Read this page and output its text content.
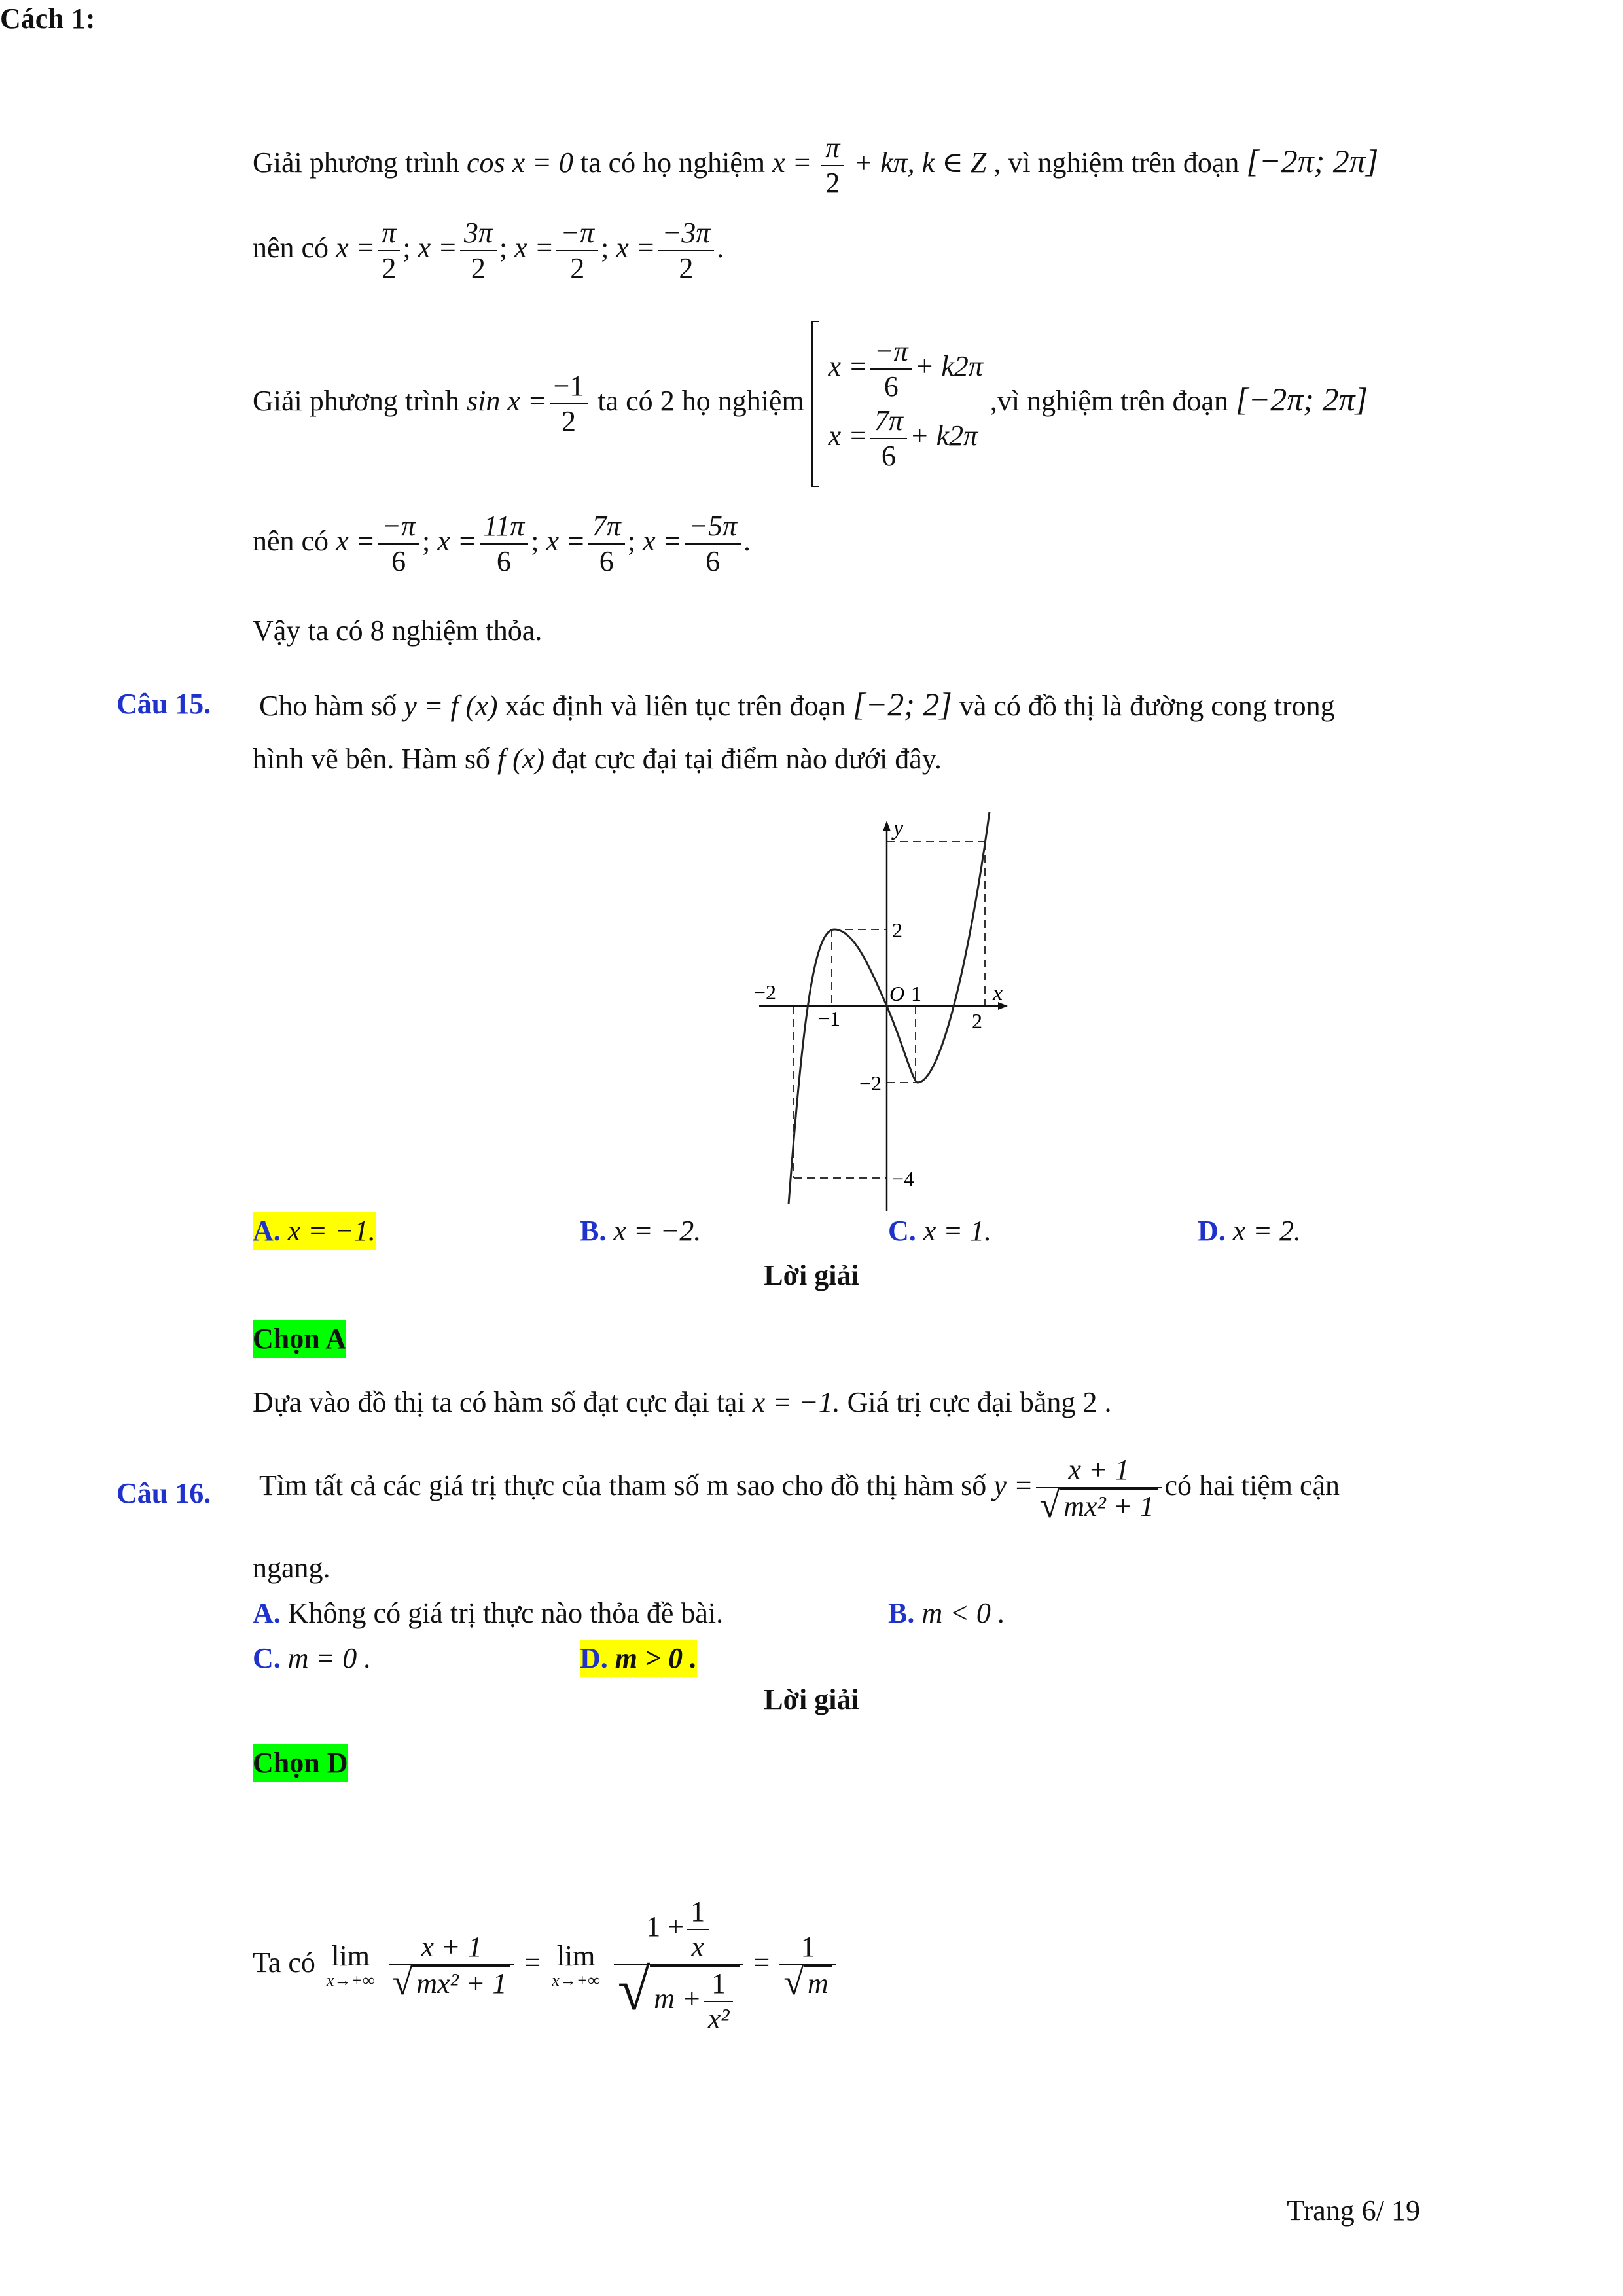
Giải phương trình cos x = 0 ta có họ nghiệm $x = \frac{\pi}{2} + k\pi$, k ∈ Z , vì nghiệm trên đoạn [−2π; 2π]
nên có $x = \frac{\pi}{2}$ ; $x = \frac{3\pi}{2}$ ; $x = \frac{-\pi}{2}$ ; $x = \frac{-3\pi}{2}$ .
Giải phương trình $\sin x = \frac{-1}{2}$ ta có 2 họ nghiệm
$x = \frac{-\pi}{6} + k2\pi$
$x = \frac{7\pi}{6} + k2\pi$
,vì nghiệm trên đoạn [−2π; 2π]
nên có $x = \frac{-\pi}{6}$ ; $x = \frac{11\pi}{6}$ ; $x = \frac{7\pi}{6}$ ; $x = \frac{-5\pi}{6}$ .
Vậy ta có 8 nghiệm thỏa.
Câu 15. Cho hàm số y = f (x) xác định và liên tục trên đoạn [−2; 2] và có đồ thị là đường cong trong
hình vẽ bên. Hàm số f (x) đạt cực đại tại điểm nào dưới đây.
y
x
O
−2
−1
1
2
2
−2
−4
A. x = −1.	B. x = −2.	C. x = 1.	D. x = 2.
Lời giải
Chọn A
Dựa vào đồ thị ta có hàm số đạt cực đại tại x = −1. Giá trị cực đại bằng 2 .
Câu 16. Tìm tất cả các giá trị thực của tham số m sao cho đồ thị hàm số $y = \frac{x + 1}{\text{√ mx² + 1}}$ có hai tiệm cận
ngang.
A. Không có giá trị thực nào thỏa đề bài.	B. m < 0 .
C. m = 0 .	D. m > 0 .
Lời giải
Chọn D
Cách 1:
Ta có lim
x→+∞
$\frac{x + 1}{\text{√ mx² + 1}} = \lim$
x→+∞
$\frac{1 + \frac{1}{x}}{√ m + \frac{1}{\text{x²}}} = \frac{1}{√ m}$
Trang 6/ 19
